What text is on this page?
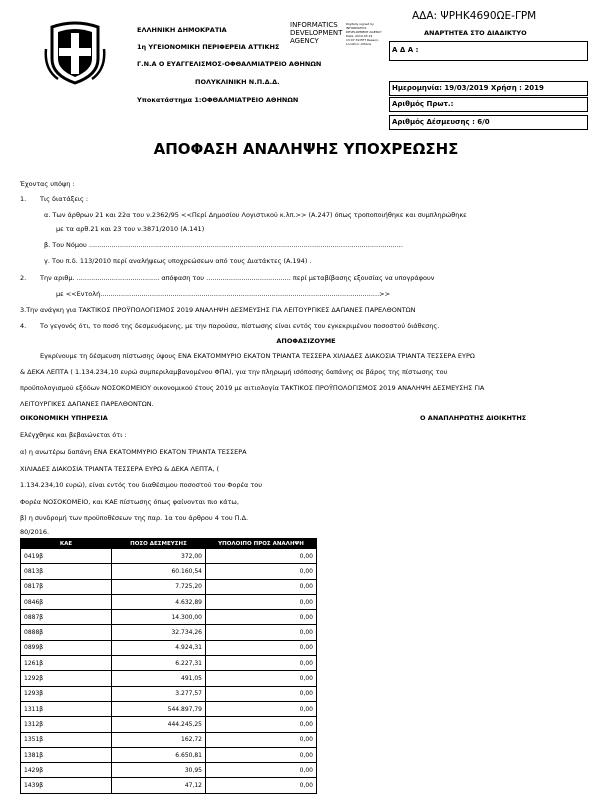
ΑΔΑ: ΨΡΗΚ4690ΩΕ-ΓΡΜ
ΕΛΛΗΝΙΚΗ ΔΗΜΟΚΡΑΤΙΑ
1η ΥΓΕΙΟΝΟΜΙΚΗ ΠΕΡΙΦΕΡΕΙΑ ΑΤΤΙΚΗΣ
Γ.Ν.Α Ο ΕΥΑΓΓΕΛΙΣΜΟΣ-ΟΦΘΑΛΜΙΑΤΡΕΙΟ ΑΘΗΝΩΝ
ΠΟΛΥΚΛΙΝΙΚΗ Ν.Π.Δ.Δ.
Υποκατάστημα 1:ΟΦΘΑΛΜΙΑΤΡΕΙΟ ΑΘΗΝΩΝ
INFORMATICS DEVELOPMENT AGENCY
Digitally signed by INFORMATICS DEVELOPMENT AGENCY Date: 2019.03.19 13:07:39 EET Reason: Location: Athens
ΑΝΑΡΤΗΤΕΑ ΣΤΟ ΔΙΑΔΙΚΤΥΟ
Α Δ Α :
Ημερομηνία: 19/03/2019 Χρήση : 2019
Αριθμός Πρωτ.:
Αριθμός Δέσμευσης : 6/0
ΑΠΟΦΑΣΗ ΑΝΑΛΗΨΗΣ ΥΠΟΧΡΕΩΣΗΣ
Έχοντας υπόψη :
1. Τις διατάξεις :
α. Των άρθρων 21 και 22α του ν.2362/95 <<Περί Δημοσίου Λογιστικού κ.λπ.>> (Α.247) όπως τροποποιήθηκε και συμπληρώθηκε
με τα αρθ.21 και 23 του ν.3871/2010 (Α.141)
β. Του Νόμου ........................................................................................................................................................
γ. Του π.δ. 113/2010 περί αναλήψεως υποχρεώσεων από τους Διατάκτες (Α.194) .
2. Την αριθμ. ........................................ απόφαση του ......................................... περί μεταβίβασης εξουσίας να υπογράφουν
με <<Εντολή.......................................................................................................................................>>
3.Την ανάγκη για ΤΑΚΤΙΚΟΣ ΠΡΟΫΠΟΛΟΓΙΣΜΟΣ 2019 ΑΝΑΛΗΨΗ ΔΕΣΜΕΥΣΗΣ ΓΙΑ ΛΕΙΤΟΥΡΓΙΚΕΣ ΔΑΠΑΝΕΣ ΠΑΡΕΛΘΟΝΤΩΝ
4. Το γεγονός ότι, το ποσό της δεσμευόμενης, με την παρούσα, πίστωσης είναι εντός του εγκεκριμένου ποσοστού διάθεσης.
ΑΠΟΦΑΣΙΖΟΥΜΕ
Εγκρίνουμε τη δέσμευση πίστωσης ύψους ΕΝΑ ΕΚΑΤΟΜΜΥΡΙΟ ΕΚΑΤΟΝ ΤΡΙΑΝΤΑ ΤΕΣΣΕΡΑ ΧΙΛΙΑΔΕΣ ΔΙΑΚΟΣΙΑ ΤΡΙΑΝΤΑ ΤΕΣΣΕΡΑ ΕΥΡΩ
& ΔΕΚΑ ΛΕΠΤΑ ( 1.134.234,10 ευρώ συμπεριλαμβανομένου ΦΠΑ), για την πληρωμή ισόποσης δαπάνης σε βάρος της πίστωσης του
προϋπολογισμού εξόδων ΝΟΣΟΚΟΜΕΙΟΥ οικονομικού έτους 2019 με αιτιολογία ΤΑΚΤΙΚΟΣ ΠΡΟΫΠΟΛΟΓΙΣΜΟΣ 2019 ΑΝΑΛΗΨΗ ΔΕΣΜΕΥΣΗΣ ΓΙΑ
ΛΕΙΤΟΥΡΓΙΚΕΣ ΔΑΠΑΝΕΣ ΠΑΡΕΛΘΟΝΤΩΝ.
ΟΙΚΟΝΟΜΙΚΗ ΥΠΗΡΕΣΙΑ	Ο ΑΝΑΠΛΗΡΩΤΗΣ ΔΙΟΙΚΗΤΗΣ
Ελέγχθηκε και βεβαιώνεται ότι :
α) η ανωτέρω δαπάνη ΕΝΑ ΕΚΑΤΟΜΜΥΡΙΟ ΕΚΑΤΟΝ ΤΡΙΑΝΤΑ ΤΕΣΣΕΡΑ
ΧΙΛΙΑΔΕΣ ΔΙΑΚΟΣΙΑ ΤΡΙΑΝΤΑ ΤΕΣΣΕΡΑ ΕΥΡΩ & ΔΕΚΑ ΛΕΠΤΑ, (
1.134.234,10 ευρώ), είναι εντός του διαθέσιμου ποσοστού του Φορέα του
Φορέα ΝΟΣΟΚΟΜΕΙΟ, και ΚΑΕ πίστωσης όπως φαίνονται πιο κάτω,
β) η συνδρομή των προϋποθέσεων της παρ. 1α του άρθρου 4 του Π.Δ.
80/2016.
ΚΑΕ	ΠΟΣΟ ΔΕΣΜΕΥΣΗΣ	ΥΠΟΛΟΙΠΟ ΠΡΟΣ ΑΝΑΛΗΨΗ
0419β	372,00	0,00
0813β	60.160,54	0,00
0817β	7.725,20	0,00
0846β	4.632,89	0,00
0887β	14.300,00	0,00
0888β	32.734,26	0,00
0899β	4.924,31	0,00
1261β	6.227,31	0,00
1292β	491,05	0,00
1293β	3.277,57	0,00
1311β	544.897,79	0,00
1312β	444.245,25	0,00
1351β	162,72	0,00
1381β	6.650,81	0,00
1429β	30,95	0,00
1439β	47,12	0,00
